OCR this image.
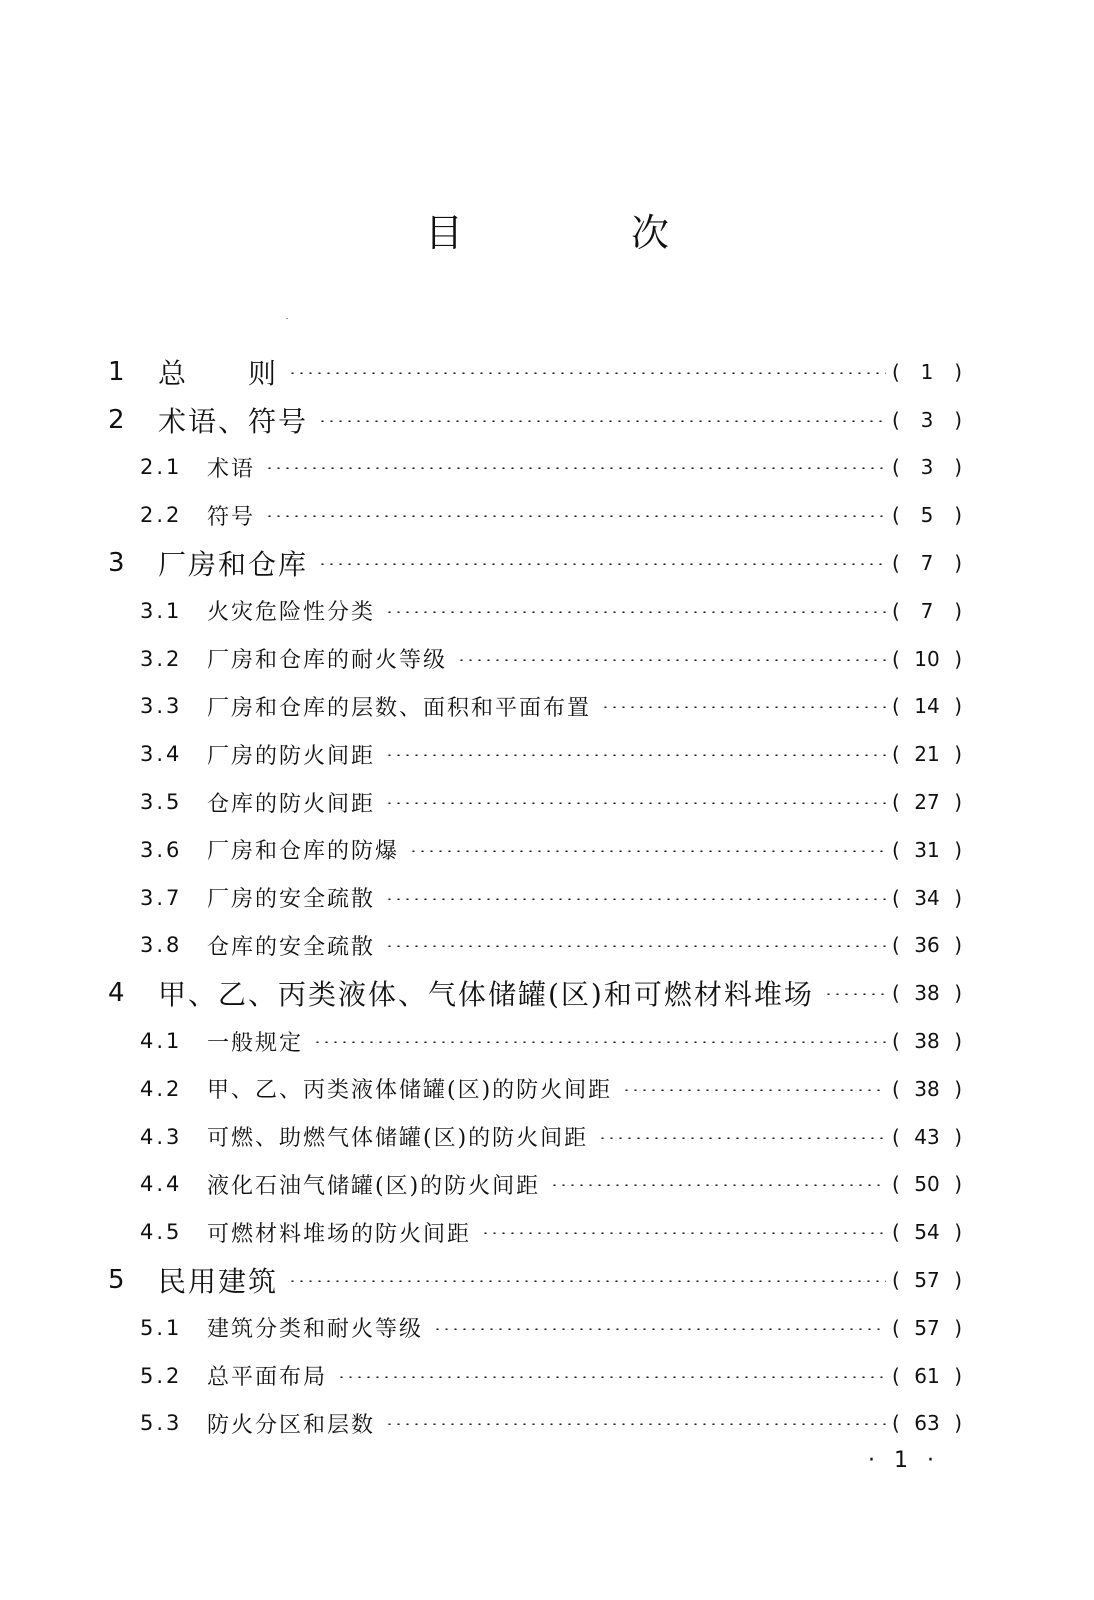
目 次
1 总　　则	(	1	)
2 术语、符号	(	3	)
2.1 术语	(	3	)
2.2 符号	(	5	)
3 厂房和仓库	(	7	)
3.1 火灾危险性分类	(	7	)
3.2 厂房和仓库的耐火等级	( 10 )
3.3 厂房和仓库的层数、面积和平面布置	( 14 )
3.4 厂房的防火间距	( 21 )
3.5 仓库的防火间距	( 27 )
3.6 厂房和仓库的防爆	( 31 )
3.7 厂房的安全疏散	( 34 )
3.8 仓库的安全疏散	( 36 )
4 甲、乙、丙类液体、气体储罐(区)和可燃材料堆场	( 38 )
4.1 一般规定	( 38 )
4.2 甲、乙、丙类液体储罐(区)的防火间距	( 38 )
4.3 可燃、助燃气体储罐(区)的防火间距	( 43 )
4.4 液化石油气储罐(区)的防火间距	( 50 )
4.5 可燃材料堆场的防火间距	( 54 )
5 民用建筑	( 57 )
5.1 建筑分类和耐火等级	( 57 )
5.2 总平面布局	( 61 )
5.3 防火分区和层数	( 63 )
· 1 ·
